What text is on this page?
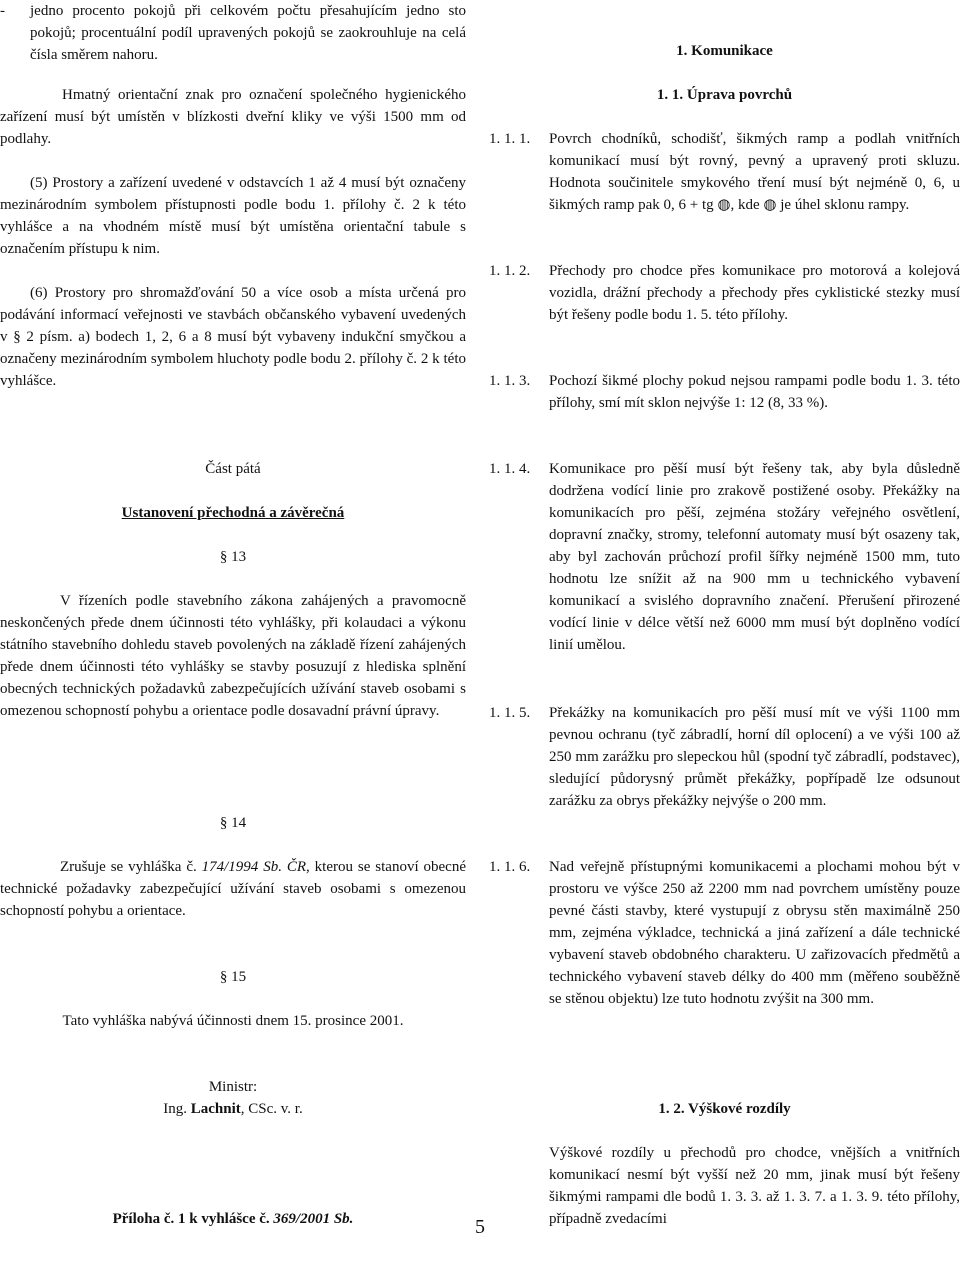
-	jedno procento pokojů při celkovém počtu přesahujícím jedno sto pokojů; procentuální podíl upravených pokojů se zaokrouhluje na celá čísla směrem nahoru.

Hmatný orientační znak pro označení společného hygienického zařízení musí být umístěn v blízkosti dveřní kliky ve výši 1500 mm od podlahy.

(5) Prostory a zařízení uvedené v odstavcích 1 až 4 musí být označeny mezinárodním symbolem přístupnosti podle bodu 1. přílohy č. 2 k této vyhlášce a na vhodném místě musí být umístěna orientační tabule s označením přístupu k nim.

(6) Prostory pro shromažďování 50 a více osob a místa určená pro podávání informací veřejnosti ve stavbách občanského vybavení uvedených v § 2 písm. a) bodech 1, 2, 6 a 8 musí být vybaveny indukční smyčkou a označeny mezinárodním symbolem hluchoty podle bodu 2. přílohy č. 2 k této vyhlášce.

Část pátá

Ustanovení přechodná a závěrečná

§ 13

V řízeních podle stavebního zákona zahájených a pravomocně neskončených přede dnem účinnosti této vyhlášky, při kolaudaci a výkonu státního stavebního dohledu staveb povolených na základě řízení zahájených přede dnem účinnosti této vyhlášky se stavby posuzují z hlediska splnění obecných technických požadavků zabezpečujících užívání staveb osobami s omezenou schopností pohybu a orientace podle dosavadní právní úpravy.

§ 14

Zrušuje se vyhláška č. 174/1994 Sb. ČR, kterou se stanoví obecné technické požadavky zabezpečující užívání staveb osobami s omezenou schopností pohybu a orientace.

§ 15

Tato vyhláška nabývá účinnosti dnem 15. prosince 2001.

Ministr:

Ing. Lachnit, CSc. v. r.

Příloha č. 1 k vyhlášce č. 369/2001 Sb.

1. Komunikace

1. 1. Úprava povrchů

1. 1. 1.	Povrch chodníků, schodišť, šikmých ramp a podlah vnitřních komunikací musí být rovný, pevný a upravený proti skluzu. Hodnota součinitele smykového tření musí být nejméně 0, 6, u šikmých ramp pak 0, 6 + tg ◍, kde ◍ je úhel sklonu rampy.

1. 1. 2.	Přechody pro chodce přes komunikace pro motorová a kolejová vozidla, drážní přechody a přechody přes cyklistické stezky musí být řešeny podle bodu 1. 5. této přílohy.

1. 1. 3.	Pochozí šikmé plochy pokud nejsou rampami podle bodu 1. 3. této přílohy, smí mít sklon nejvýše 1: 12 (8, 33 %).

1. 1. 4.	Komunikace pro pěší musí být řešeny tak, aby byla důsledně dodržena vodící linie pro zrakově postižené osoby. Překážky na komunikacích pro pěší, zejména stožáry veřejného osvětlení, dopravní značky, stromy, telefonní automaty musí být osazeny tak, aby byl zachován průchozí profil šířky nejméně 1500 mm, tuto hodnotu lze snížit až na 900 mm u technického vybavení komunikací a svislého dopravního značení. Přerušení přirozené vodící linie v délce větší než 6000 mm musí být doplněno vodící linií umělou.

1. 1. 5.	Překážky na komunikacích pro pěší musí mít ve výši 1100 mm pevnou ochranu (tyč zábradlí, horní díl oplocení) a ve výši 100 až 250 mm zarážku pro slepeckou hůl (spodní tyč zábradlí, podstavec), sledující půdorysný průmět překážky, popřípadě lze odsunout zarážku za obrys překážky nejvýše o 200 mm.

1. 1. 6.	Nad veřejně přístupnými komunikacemi a plochami mohou být v prostoru ve výšce 250 až 2200 mm nad povrchem umístěny pouze pevné části stavby, které vystupují z obrysu stěn maximálně 250 mm, zejména výkladce, technická a jiná zařízení a dále technické vybavení staveb obdobného charakteru. U zařizovacích předmětů a technického vybavení staveb délky do 400 mm (měřeno souběžně se stěnou objektu) lze tuto hodnotu zvýšit na 300 mm.

1. 2. Výškové rozdíly

Výškové rozdíly u přechodů pro chodce, vnějších a vnitřních komunikací nesmí být vyšší než 20 mm, jinak musí být řešeny šikmými rampami dle bodů 1. 3. 3. až 1. 3. 7. a 1. 3. 9. této přílohy, případně zvedacími

5
